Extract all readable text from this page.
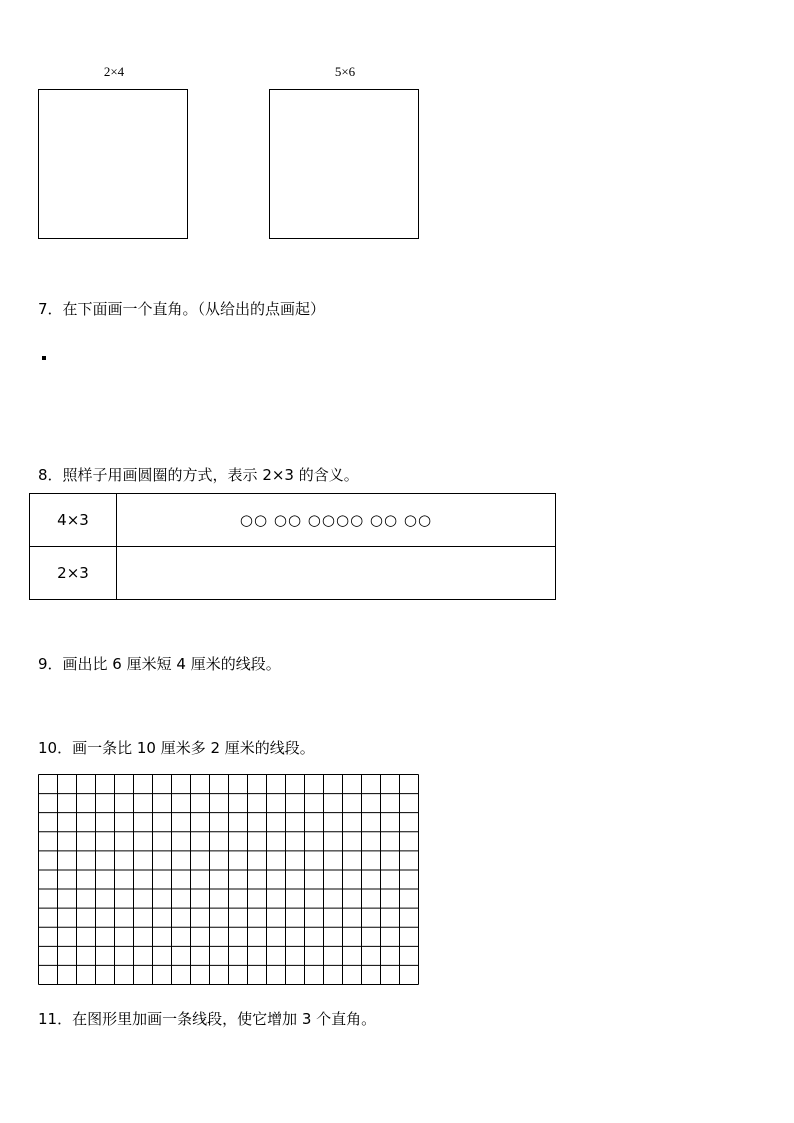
2×4	5×6
7．在下面画一个直角。（从给出的点画起）
8．照样子用画圆圈的方式，表示 2×3 的含义。
4×3	○○ ○○ ○○○○ ○○ ○○
2×3	
9．画出比 6 厘米短 4 厘米的线段。
10．画一条比 10 厘米多 2 厘米的线段。
11．在图形里加画一条线段，使它增加 3 个直角。
